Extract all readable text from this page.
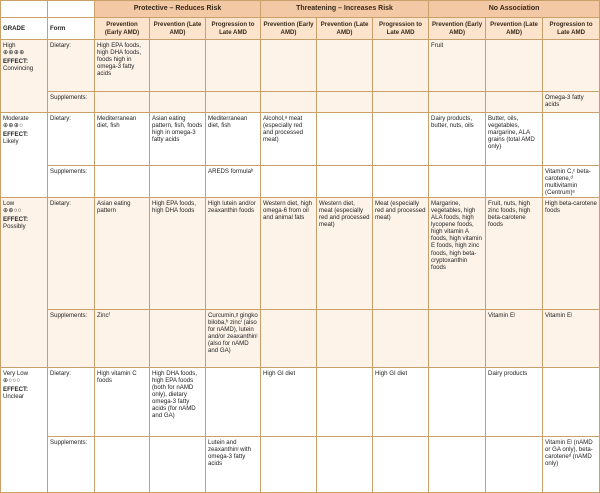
		Protective – Reduces Risk			Threatening – Increases Risk			No Association		
GRADE	Form	Prevention (Early AMD)	Prevention (Late AMD)	Progression to Late AMD	Prevention (Early AMD)	Prevention (Late AMD)	Progression to Late AMD	Prevention (Early AMD)	Prevention (Late AMD)	Progression to Late AMD

High
⊕⊕⊕⊕
EFFECT:
Convincing	Dietary:	High EPA foods, high DHA foods, foods high in omega-3 fatty acids						Fruit		
	Supplements:									Omega-3 fatty acids

Moderate
⊕⊕⊕○
EFFECT:
Likely	Dietary:	Mediterranean diet, fish	Asian eating pattern, fish, foods high in omega-3 fatty acids	Mediterranean diet, fish	Alcohol,ᵃ meat (especially red and processed meat)			Dairy products, butter, nuts, oils	Butter, oils, vegetables, margarine, ALA grains (total AMD only)	
	Supplements:			AREDS formulaᵇ						Vitamin C,ᶜ beta-carotene,ᵈ multivitamin (Centrum)ᵉ

Low
⊕⊕○○
EFFECT:
Possibly	Dietary:	Asian eating pattern	High EPA foods, high DHA foods	High lutein and/or zeaxanthin foods	Western diet, high omega-6 from oil and animal fats	Western diet, meat (especially red and processed meat)	Meat (especially red and processed meat)	Margarine, vegetables, high ALA foods, high lycopene foods, high vitamin A foods, high vitamin E foods, high zinc foods, high beta-cryptoxanthin foods	Fruit, nuts, high zinc foods, high beta-carotene foods	High beta-carotene foods
	Supplements:	Zincᶠ		Curcumin,ᵍ gingko biloba,ʰ zincⁱ (also for nAMD), lutein and/or zeaxanthinʲ (also for nAMD and GA)					Vitamin Eʲ	Vitamin Eʲ

Very Low
⊕○○○
EFFECT:
Unclear	Dietary:	High vitamin C foods	High DHA foods, high EPA foods (both for nAMD only), dietary omega-3 fatty acids (for nAMD and GA)		High GI diet		High GI diet		Dairy products	
	Supplements:			Lutein and zeaxanthinʲ with omega-3 fatty acids						Vitamin Eʲ (nAMD or GA only), beta-caroteneᵈ (nAMD only)
